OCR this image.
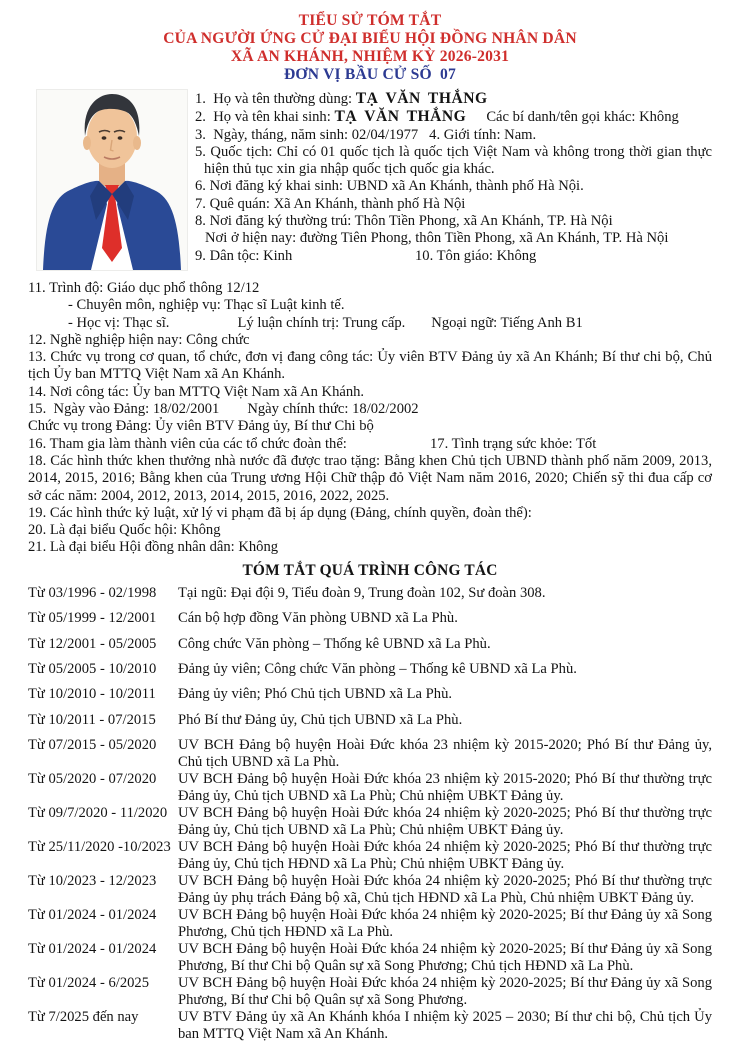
TIỂU SỬ TÓM TẮT
CỦA NGƯỜI ỨNG CỬ ĐẠI BIỂU HỘI ĐỒNG NHÂN DÂN
XÃ AN KHÁNH, NHIỆM KỲ 2026-2031
ĐƠN VỊ BẦU CỬ SỐ  07

1.  Họ và tên thường dùng: TẠ VĂN THẮNG

2.  Họ và tên khai sinh: TẠ VĂN THẮNG Các bí danh/tên gọi khác: Không

3.  Ngày, tháng, năm sinh: 02/04/1977   4. Giới tính: Nam.

5. Quốc tịch: Chỉ có 01 quốc tịch là quốc tịch Việt Nam và không trong thời gian thực hiện thủ tục xin gia nhập quốc tịch quốc gia khác.

6. Nơi đăng ký khai sinh: UBND xã An Khánh, thành phố Hà Nội.

7. Quê quán: Xã An Khánh, thành phố Hà Nội

8. Nơi đăng ký thường trú: Thôn Tiền Phong, xã An Khánh, TP. Hà Nội

Nơi ở hiện nay: đường Tiên Phong, thôn Tiền Phong, xã An Khánh, TP. Hà Nội

9. Dân tộc: Kinh	10. Tôn giáo: Không

11. Trình độ: Giáo dục phổ thông 12/12

- Chuyên môn, nghiệp vụ: Thạc sĩ Luật kinh tế.

- Học vị: Thạc sĩ.	Lý luận chính trị: Trung cấp. Ngoại ngữ: Tiếng Anh B1

12. Nghề nghiệp hiện nay: Công chức

13. Chức vụ trong cơ quan, tổ chức, đơn vị đang công tác: Ủy viên BTV Đảng ủy xã An Khánh; Bí thư chi bộ, Chủ tịch Ủy ban MTTQ Việt Nam xã An Khánh.

14. Nơi công tác: Ủy ban MTTQ Việt Nam xã An Khánh.

15.  Ngày vào Đảng: 18/02/2001 Ngày chính thức: 18/02/2002

Chức vụ trong Đảng: Ủy viên BTV Đảng ủy, Bí thư Chi bộ

16. Tham gia làm thành viên của các tổ chức đoàn thể:	17. Tình trạng sức khỏe: Tốt

18. Các hình thức khen thưởng nhà nước đã được trao tặng: Bằng khen Chủ tịch UBND thành phố năm 2009, 2013, 2014, 2015, 2016; Bằng khen của Trung ương Hội Chữ thập đỏ Việt Nam năm 2016, 2020; Chiến sỹ thi đua cấp cơ sở các năm: 2004, 2012, 2013, 2014, 2015, 2016, 2022, 2025.

19. Các hình thức kỷ luật, xử lý vi phạm đã bị áp dụng (Đảng, chính quyền, đoàn thể):

20. Là đại biểu Quốc hội: Không

21. Là đại biểu Hội đồng nhân dân: Không

TÓM TẮT QUÁ TRÌNH CÔNG TÁC
Từ 03/1996 - 02/1998	Tại ngũ: Đại đội 9, Tiểu đoàn 9, Trung đoàn 102, Sư đoàn 308.
Từ 05/1999 - 12/2001	Cán bộ hợp đồng Văn phòng UBND xã La Phù.
Từ 12/2001 - 05/2005	Công chức Văn phòng – Thống kê UBND xã La Phù.
Từ 05/2005 - 10/2010	Đảng ủy viên; Công chức Văn phòng – Thống kê UBND xã La Phù.
Từ 10/2010 - 10/2011	Đảng ủy viên; Phó Chủ tịch UBND xã La Phù.
Từ 10/2011 - 07/2015	Phó Bí thư Đảng ủy, Chủ tịch UBND xã La Phù.
Từ 07/2015 - 05/2020	UV BCH Đảng bộ huyện Hoài Đức khóa 23 nhiệm kỳ 2015-2020; Phó Bí thư Đảng ủy, Chủ tịch UBND xã La Phù.
Từ 05/2020 - 07/2020	UV BCH Đảng bộ huyện Hoài Đức khóa 23 nhiệm kỳ 2015-2020; Phó Bí thư thường trực Đảng ủy, Chủ tịch UBND xã La Phù; Chủ nhiệm UBKT Đảng ủy.
Từ 09/7/2020 - 11/2020 UV BCH Đảng bộ huyện Hoài Đức khóa 24 nhiệm kỳ 2020-2025; Phó Bí thư thường trực Đảng ủy, Chủ tịch UBND xã La Phù; Chủ nhiệm UBKT Đảng ủy.
Từ 25/11/2020 -10/2023 UV BCH Đảng bộ huyện Hoài Đức khóa 24 nhiệm kỳ 2020-2025; Phó Bí thư thường trực Đảng ủy, Chủ tịch HĐND xã La Phù; Chủ nhiệm UBKT Đảng ủy.
Từ 10/2023 - 12/2023	UV BCH Đảng bộ huyện Hoài Đức khóa 24 nhiệm kỳ 2020-2025; Phó Bí thư thường trực Đảng ủy phụ trách Đảng bộ xã, Chủ tịch HĐND xã La Phù, Chủ nhiệm UBKT Đảng ủy.
Từ 01/2024 - 01/2024	UV BCH Đảng bộ huyện Hoài Đức khóa 24 nhiệm kỳ 2020-2025; Bí thư Đảng ủy xã Song Phương, Chủ tịch HĐND xã La Phù.
Từ 01/2024 - 01/2024	UV BCH Đảng bộ huyện Hoài Đức khóa 24 nhiệm kỳ 2020-2025; Bí thư Đảng ủy xã Song Phương, Bí thư Chi bộ Quân sự xã Song Phương; Chủ tịch HĐND xã La Phù.
Từ 01/2024 - 6/2025	UV BCH Đảng bộ huyện Hoài Đức khóa 24 nhiệm kỳ 2020-2025; Bí thư Đảng ủy xã Song Phương, Bí thư Chi bộ Quân sự xã Song Phương.
Từ 7/2025 đến nay	UV BTV Đảng ủy xã An Khánh khóa I nhiệm kỳ 2025 – 2030; Bí thư chi bộ, Chủ tịch Ủy ban MTTQ Việt Nam xã An Khánh.
